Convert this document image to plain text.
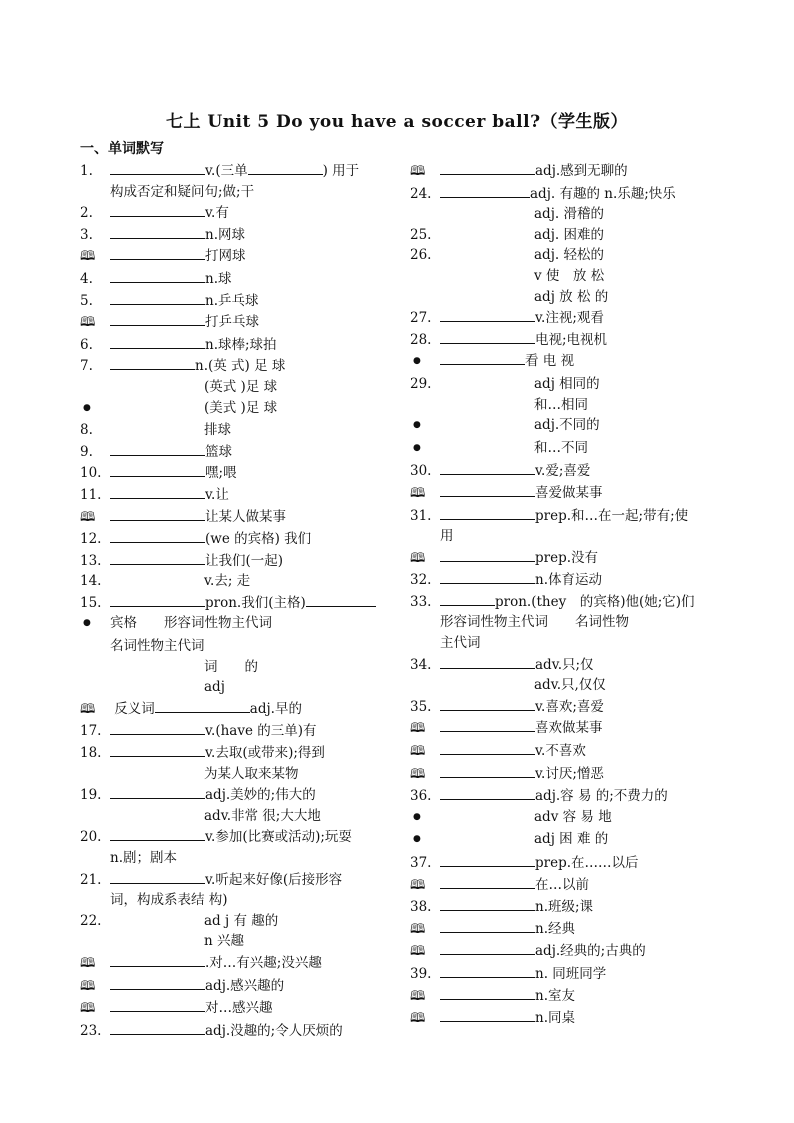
七上 Unit 5 Do you have a soccer ball?（学生版）
一、单词默写
1.	v.(三单	) 用于
构成否定和疑问句;做;干
2.	v.有
3.	n.网球
🕮打网球
4.	n.球
5.	n.乒乓球
🕮打乒乓球
6.	n.球棒;球拍
7.	n.(英 式) 足 球
(英式 )足 球
●(美式 )足 球
8.	排球
9.	篮球
10.	嘿;喂
11.	v.让
🕮让某人做某事
12.	(we 的宾格) 我们
13.	让我们(一起)
14.	v.去; 走
15.	pron.我们(主格)
●宾格　　形容词性物主代词
名词性物主代词
词　　的
adj
🕮 反义词	adj.早的
17.	v.(have 的三单)有
18.	v.去取(或带来);得到
为某人取来某物
19.	adj.美妙的;伟大的
adv.非常 很;大大地
20.	v.参加(比赛或活动);玩耍
n.剧；剧本
21.	v.听起来好像(后接形容
词，构成系表结 构)
22.	ad j 有 趣的
n 兴趣
🕮.对…有兴趣;没兴趣
🕮adj.感兴趣的
🕮对…感兴趣
23.	adj.没趣的;令人厌烦的
🕮adj.感到无聊的
24.	adj. 有趣的 n.乐趣;快乐
adj. 滑稽的
25.	adj. 困难的
26.	adj. 轻松的
v 使　放 松
adj 放 松 的
27.	v.注视;观看
28.	电视;电视机
●看 电 视
29.	adj 相同的
和…相同
●adj.不同的
●和…不同
30.	v.爱;喜爱
🕮喜爱做某事
31.	prep.和…在一起;带有;使
用
🕮prep.没有
32.	n.体育运动
33.	pron.(they　的宾格)他(她;它)们
形容词性物主代词　　名词性物
主代词
34.	adv.只;仅
adv.只,仅仅
35.	v.喜欢;喜爱
🕮喜欢做某事
🕮v.不喜欢
🕮v.讨厌;憎恶
36.	adj.容 易 的;不费力的
●adv 容 易 地
●adj 困 难 的
37.	prep.在……以后
🕮在…以前
38.	n.班级;课
🕮n.经典
🕮adj.经典的;古典的
39.	n. 同班同学
🕮n.室友
🕮n.同桌
